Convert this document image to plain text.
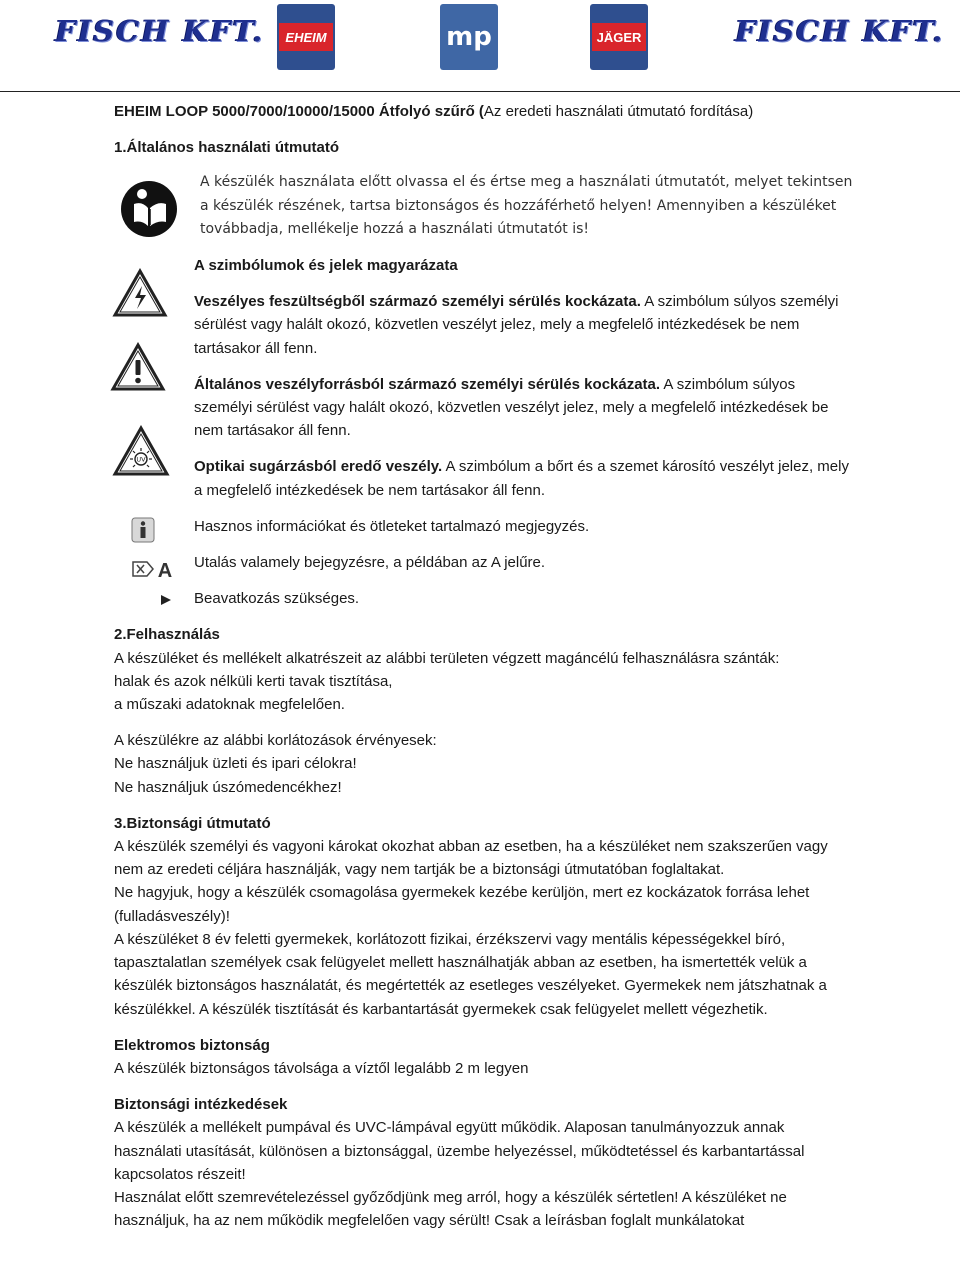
FISCH KFT.	EHEIM	mp	JÄGER	FISCH KFT.
UV
A

EHEIM LOOP 5000/7000/10000/15000 Átfolyó szűrő (Az eredeti használati útmutató fordítása)

1.Általános használati útmutató

A készülék használata előtt olvassa el és értse meg a használati útmutatót, melyet tekintsen a készülék részének, tartsa biztonságos és hozzáférhető helyen! Amennyiben a készüléket továbbadja, mellékelje hozzá a használati útmutatót is!

A szimbólumok és jelek magyarázata

Veszélyes feszültségből származó személyi sérülés kockázata. A szimbólum súlyos személyi sérülést vagy halált okozó, közvetlen veszélyt jelez, mely a megfelelő intézkedések be nem tartásakor áll fenn.

Általános veszélyforrásból származó személyi sérülés kockázata. A szimbólum súlyos személyi sérülést vagy halált okozó, közvetlen veszélyt jelez, mely a megfelelő intézkedések be nem tartásakor áll fenn.

Optikai sugárzásból eredő veszély. A szimbólum a bőrt és a szemet károsító veszélyt jelez, mely a megfelelő intézkedések be nem tartásakor áll fenn.

Hasznos információkat és ötleteket tartalmazó megjegyzés.

Utalás valamely bejegyzésre, a példában az A jelűre.

Beavatkozás szükséges.

2.Felhasználás

A készüléket és mellékelt alkatrészeit az alábbi területen végzett magáncélú felhasználásra szánták:

halak és azok nélküli kerti tavak tisztítása,

a műszaki adatoknak megfelelően.

A készülékre az alábbi korlátozások érvényesek:

Ne használjuk üzleti és ipari célokra!

Ne használjuk úszómedencékhez!

3.Biztonsági útmutató

A készülék személyi és vagyoni károkat okozhat abban az esetben, ha a készüléket nem szakszerűen vagy nem az eredeti céljára használják, vagy nem tartják be a biztonsági útmutatóban foglaltakat.

Ne hagyjuk, hogy a készülék csomagolása gyermekek kezébe kerüljön, mert ez kockázatok forrása lehet (fulladásveszély)!

A készüléket 8 év feletti gyermekek, korlátozott fizikai, érzékszervi vagy mentális képességekkel bíró, tapasztalatlan személyek csak felügyelet mellett használhatják abban az esetben, ha ismertették velük a készülék biztonságos használatát, és megértették az esetleges veszélyeket. Gyermekek nem játszhatnak a készülékkel. A készülék tisztítását és karbantartását gyermekek csak felügyelet mellett végezhetik.

Elektromos biztonság

A készülék biztonságos távolsága a víztől legalább 2 m legyen

Biztonsági intézkedések

A készülék a mellékelt pumpával és UVC-lámpával együtt működik. Alaposan tanulmányozzuk annak használati utasítását, különösen a biztonsággal, üzembe helyezéssel, működtetéssel és karbantartással kapcsolatos részeit!

Használat előtt szemrevételezéssel győződjünk meg arról, hogy a készülék sértetlen! A készüléket ne használjuk, ha az nem működik megfelelően vagy sérült! Csak a leírásban foglalt munkálatokat
